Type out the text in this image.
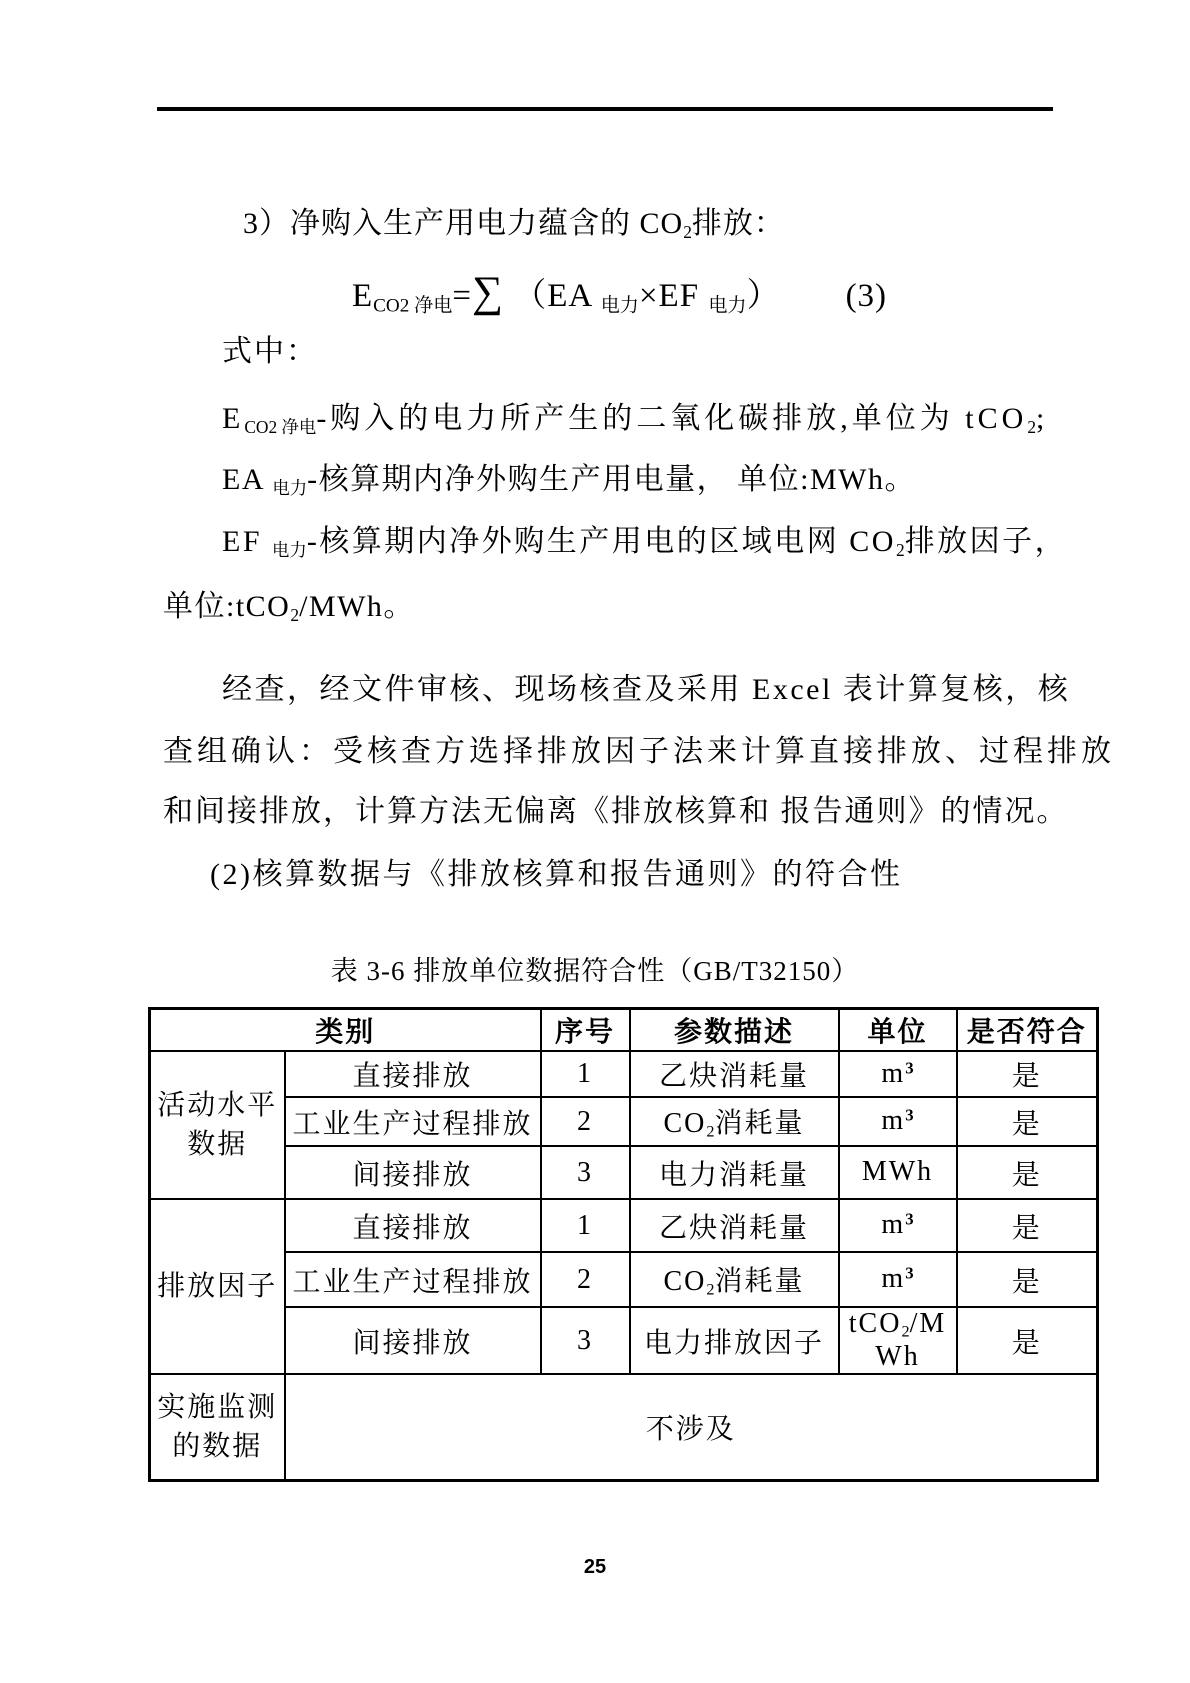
3）净购入生产用电力蕴含的 CO2排放：
ECO2 净电=∑ （EA 电力×EF 电力） (3)
式中：
ECO2 净电-购入的电力所产生的二氧化碳排放,单位为 tCO2;
EA 电力-核算期内净外购生产用电量， 单位:MWh。
EF 电力-核算期内净外购生产用电的区域电网 CO2排放因子，
单位:tCO2/MWh。
经查，经文件审核、现场核查及采用 Excel 表计算复核，核
查组确认：受核查方选择排放因子法来计算直接排放、过程排放
和间接排放，计算方法无偏离《排放核算和 报告通则》的情况。
(2)核算数据与《排放核算和报告通则》的符合性
表 3-6 排放单位数据符合性（GB/T32150）
类别		序号	参数描述	单位	是否符合
活动水平数据	直接排放	1	乙炔消耗量	$m^3$	是
	工业生产过程排放	2	CO2消耗量	$m^3$	是
	间接排放	3	电力消耗量	MWh	是
排放因子	直接排放	1	乙炔消耗量	$m^3$	是
	工业生产过程排放	2	CO2消耗量	$m^3$	是
	间接排放	3	电力排放因子	tCO2/MWh	是
实施监测的数据	不涉及				
25
